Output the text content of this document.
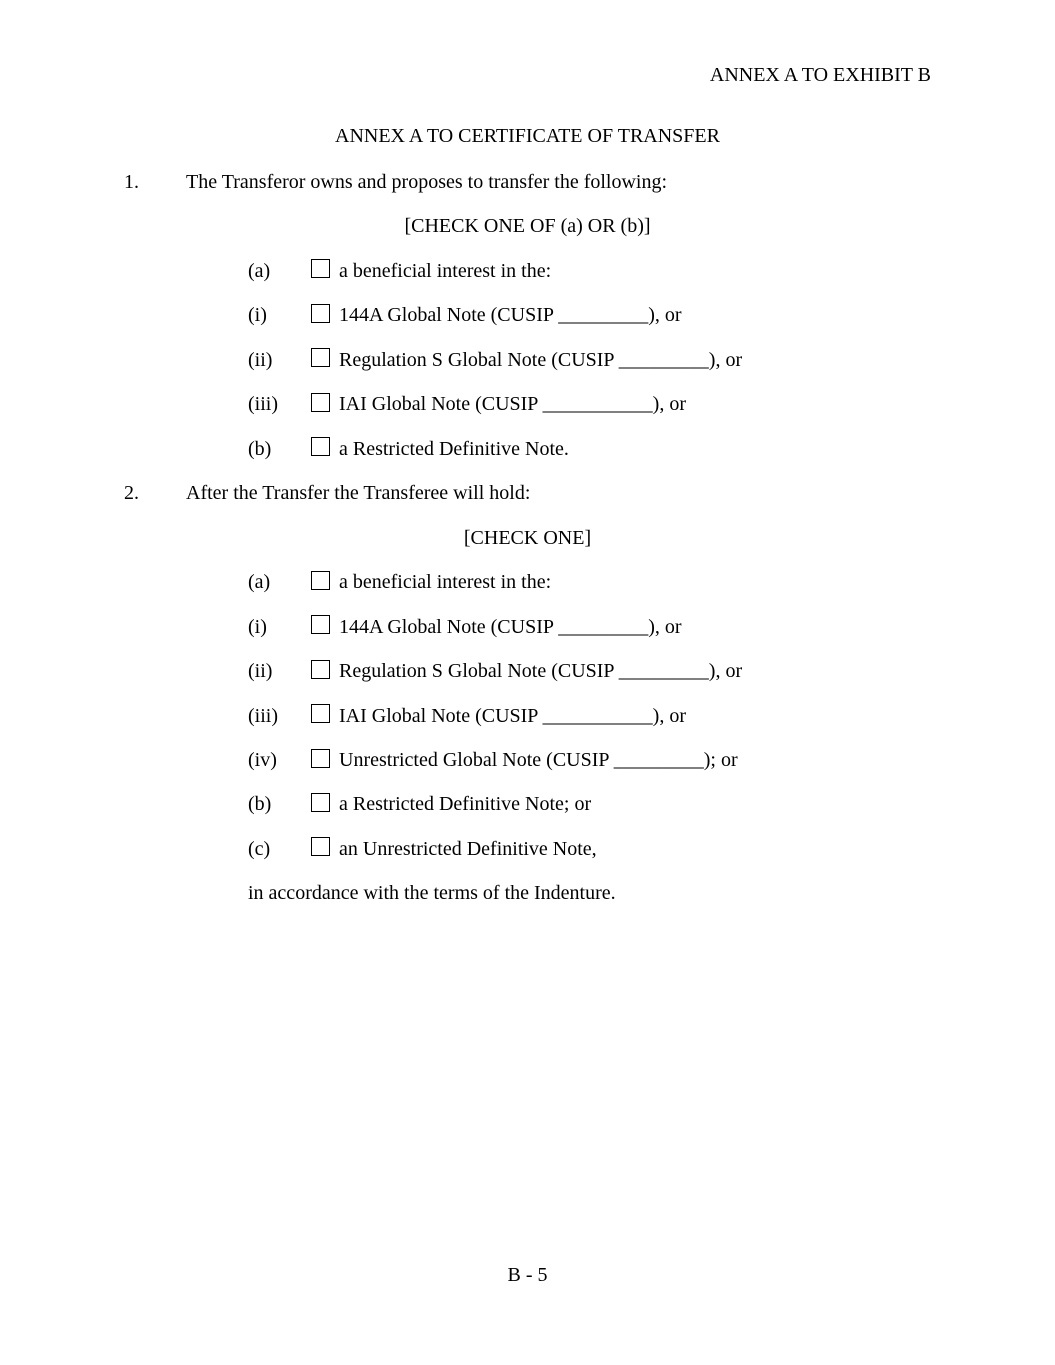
ANNEX A TO EXHIBIT B
ANNEX A TO CERTIFICATE OF TRANSFER
1. The Transferor owns and proposes to transfer the following:
[CHECK ONE OF (a) OR (b)]
(a)	a beneficial interest in the:
(i)	144A Global Note (CUSIP _________), or
(ii)	Regulation S Global Note (CUSIP _________), or
(iii)	IAI Global Note (CUSIP ___________), or
(b)	a Restricted Definitive Note.
2. After the Transfer the Transferee will hold:
[CHECK ONE]
(a)	a beneficial interest in the:
(i)	144A Global Note (CUSIP _________), or
(ii)	Regulation S Global Note (CUSIP _________), or
(iii)	IAI Global Note (CUSIP ___________), or
(iv)	Unrestricted Global Note (CUSIP _________); or
(b)	a Restricted Definitive Note; or
(c)	an Unrestricted Definitive Note,
in accordance with the terms of the Indenture.
B - 5
